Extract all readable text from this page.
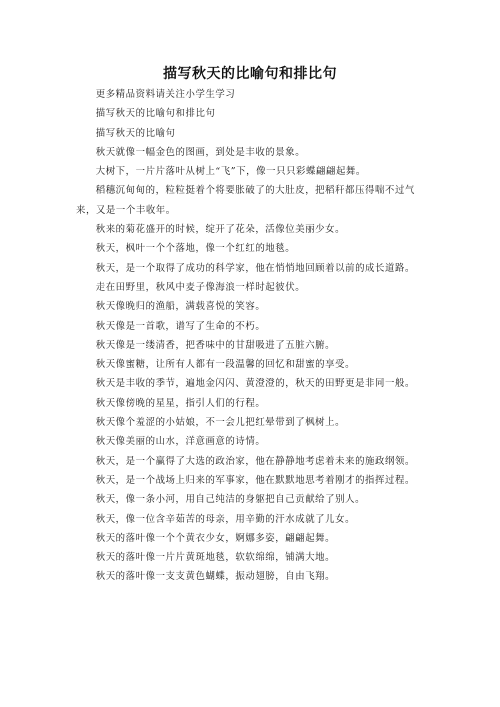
描写秋天的比喻句和排比句

更多精品资料请关注小学生学习

描写秋天的比喻句和排比句

描写秋天的比喻句

秋天就像一幅金色的图画，到处是丰收的景象。

大树下，一片片落叶从树上“飞”下，像一只只彩蝶翩翩起舞。

稻穗沉甸甸的，粒粒挺着个将要胀破了的大肚皮，把稻秆都压得喘不过气来，又是一个丰收年。

秋来的菊花盛开的时候，绽开了花朵，活像位美丽少女。

秋天，枫叶一个个落地，像一个红红的地毯。

秋天，是一个取得了成功的科学家，他在悄悄地回顾着以前的成长道路。

走在田野里，秋风中麦子像海浪一样时起彼伏。

秋天像晚归的渔船，满载喜悦的笑容。

秋天像是一首歌，谱写了生命的不朽。

秋天像是一缕清香，把香味中的甘甜吸进了五脏六腑。

秋天像蜜糖，让所有人都有一段温馨的回忆和甜蜜的享受。

秋天是丰收的季节，遍地金闪闪、黄澄澄的，秋天的田野更是非同一般。

秋天像傍晚的星星，指引人们的行程。

秋天像个羞涩的小姑娘，不一会儿把红晕带到了枫树上。

秋天像美丽的山水，洋意画意的诗情。

秋天，是一个赢得了大选的政治家，他在静静地考虑着未来的施政纲领。

秋天，是一个战场上归来的军事家，他在默默地思考着刚才的指挥过程。

秋天，像一条小河，用自己纯洁的身躯把自己贡献给了别人。

秋天，像一位含辛茹苦的母亲，用辛勤的汗水成就了儿女。

秋天的落叶像一个个黄衣少女，婀娜多姿，翩翩起舞。

秋天的落叶像一片片黄斑地毯，软软绵绵，铺满大地。

秋天的落叶像一支支黄色蝴蝶，振动翅膀，自由飞翔。
